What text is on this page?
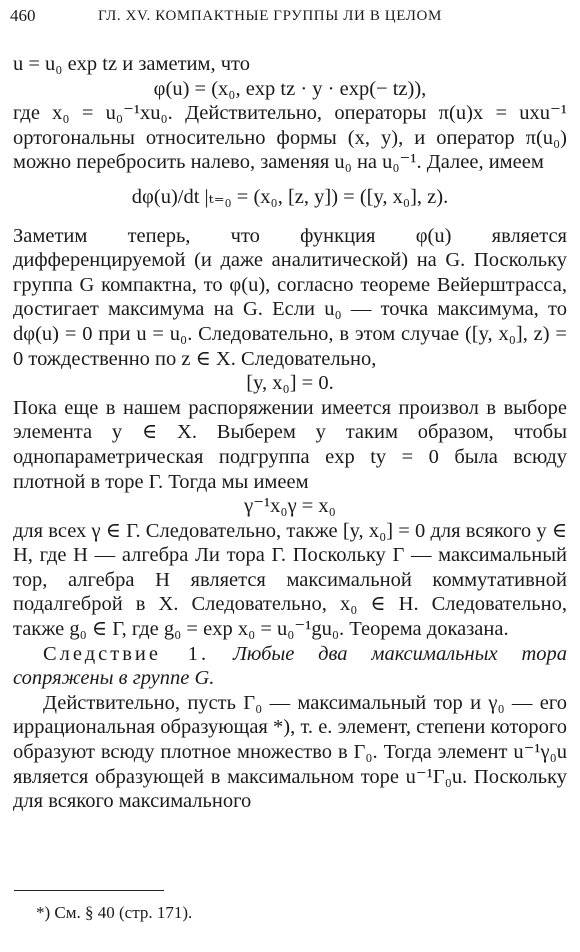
460	ГЛ. XV. КОМПАКТНЫЕ ГРУППЫ ЛИ В ЦЕЛОМ

u = u₀ exp tz и заметим, что

φ(u) = (x₀, exp tz · y · exp(− tz)),

где x₀ = u₀⁻¹xu₀. Действительно, операторы π(u)x = uxu⁻¹ ортогональны относительно формы (x, y), и оператор π(u₀) можно перебросить налево, заменяя u₀ на u₀⁻¹. Далее, имеем

dφ(u)/dt |ₜ₌₀ = (x₀, [z, y]) = ([y, x₀], z).

Заметим теперь, что функция φ(u) является дифференцируемой (и даже аналитической) на G. Поскольку группа G компактна, то φ(u), согласно теореме Вейерштрасса, достигает максимума на G. Если u₀ — точка максимума, то dφ(u) = 0 при u = u₀. Следовательно, в этом случае ([y, x₀], z) = 0 тождественно по z ∈ X. Следовательно,

[y, x₀] = 0.

Пока еще в нашем распоряжении имеется произвол в выборе элемента y ∈ X. Выберем y таким образом, чтобы однопараметрическая подгруппа exp ty = 0 была всюду плотной в торе Γ. Тогда мы имеем

γ⁻¹x₀γ = x₀

для всех γ ∈ Γ. Следовательно, также [y, x₀] = 0 для всякого y ∈ H, где H — алгебра Ли тора Γ. Поскольку Γ — максимальный тор, алгебра H является максимальной коммутативной подалгеброй в X. Следовательно, x₀ ∈ H. Следовательно, также g₀ ∈ Γ, где g₀ = exp x₀ = u₀⁻¹gu₀. Теорема доказана.

Следствие 1. Любые два максимальных тора сопряжены в группе G.

Действительно, пусть Γ₀ — максимальный тор и γ₀ — его иррациональная образующая *), т. е. элемент, степени которого образуют всюду плотное множество в Γ₀. Тогда элемент u⁻¹γ₀u является образующей в максимальном торе u⁻¹Γ₀u. Поскольку для всякого максимального

*) См. § 40 (стр. 171).
